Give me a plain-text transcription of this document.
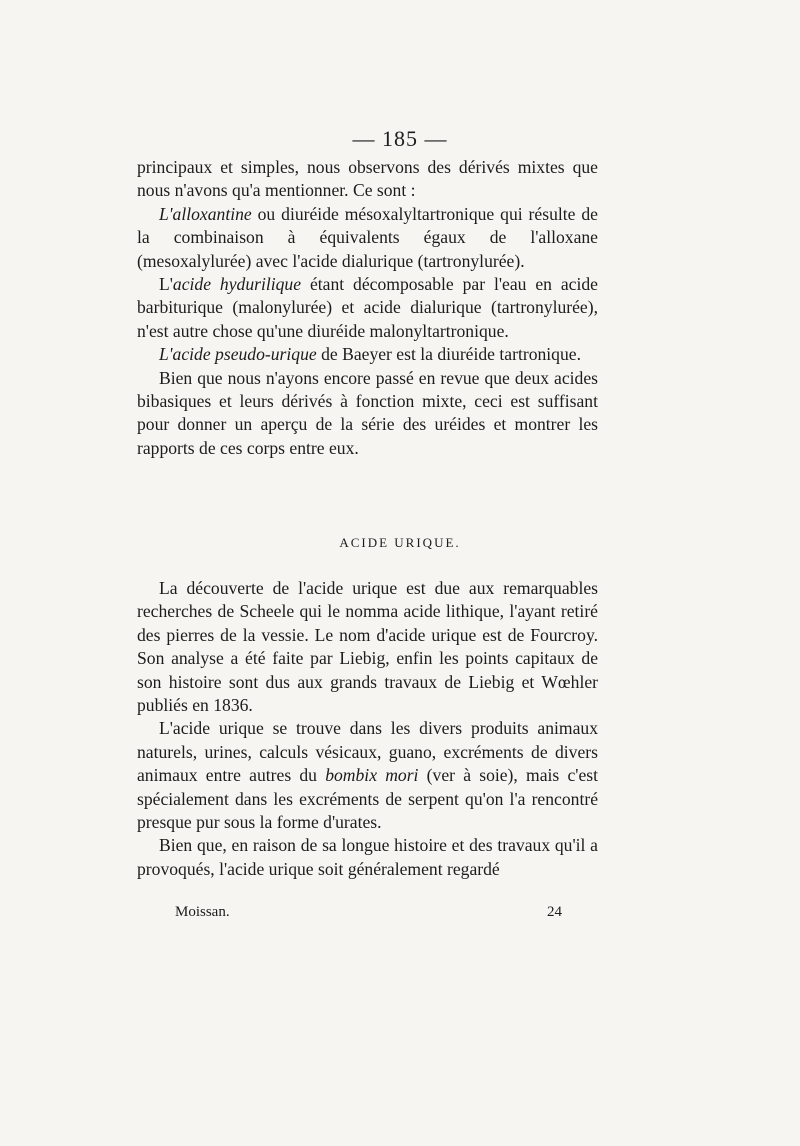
— 185 —

principaux et simples, nous observons des dérivés mixtes que nous n'avons qu'a mentionner. Ce sont :

L'alloxantine ou diuréide mésoxalyltartronique qui résulte de la combinaison à équivalents égaux de l'alloxane (mesoxalylurée) avec l'acide dialurique (tartronylurée).

L'acide hydurilique étant décomposable par l'eau en acide barbiturique (malonylurée) et acide dialurique (tartronylurée), n'est autre chose qu'une diuréide malonyltartronique.

L'acide pseudo-urique de Baeyer est la diuréide tartronique.

Bien que nous n'ayons encore passé en revue que deux acides bibasiques et leurs dérivés à fonction mixte, ceci est suffisant pour donner un aperçu de la série des uréides et montrer les rapports de ces corps entre eux.

ACIDE URIQUE.

La découverte de l'acide urique est due aux remarquables recherches de Scheele qui le nomma acide lithique, l'ayant retiré des pierres de la vessie. Le nom d'acide urique est de Fourcroy. Son analyse a été faite par Liebig, enfin les points capitaux de son histoire sont dus aux grands travaux de Liebig et Wœhler publiés en 1836.

L'acide urique se trouve dans les divers produits animaux naturels, urines, calculs vésicaux, guano, excréments de divers animaux entre autres du bombix mori (ver à soie), mais c'est spécialement dans les excréments de serpent qu'on l'a rencontré presque pur sous la forme d'urates.

Bien que, en raison de sa longue histoire et des travaux qu'il a provoqués, l'acide urique soit généralement regardé

Moissan.	24
